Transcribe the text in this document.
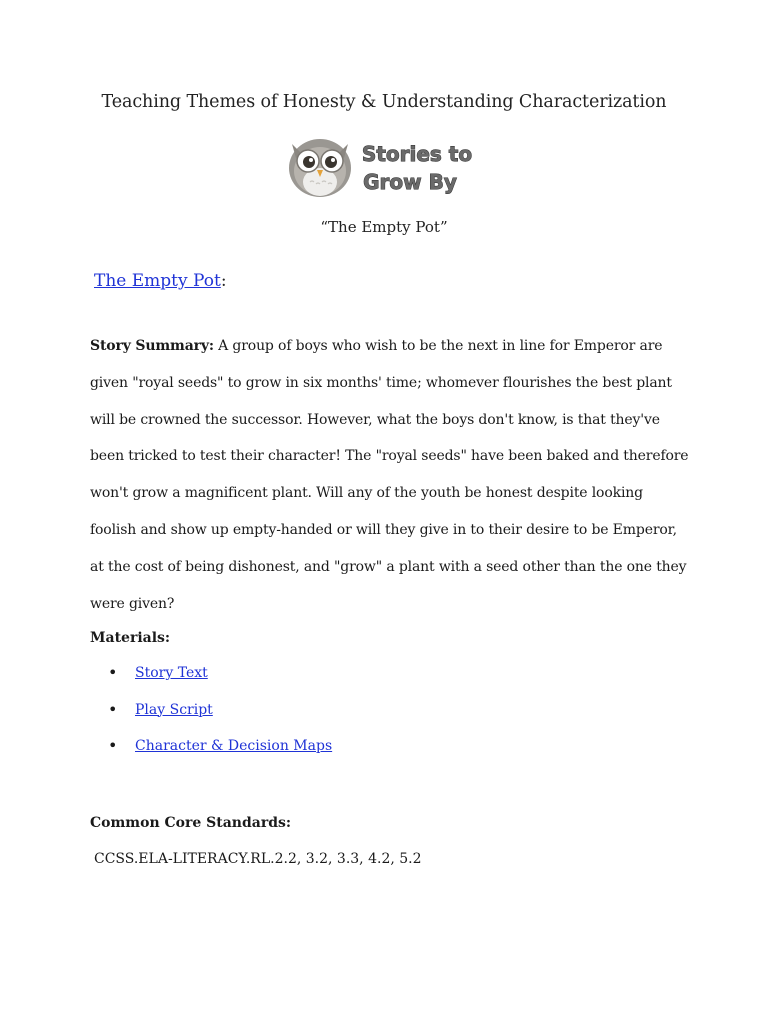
Teaching Themes of Honesty & Understanding Characterization
Stories to
Grow By
“The Empty Pot”
The Empty Pot:
Story Summary: A group of boys who wish to be the next in line for Emperor are given "royal seeds" to grow in six months' time; whomever flourishes the best plant will be crowned the successor. However, what the boys don't know, is that they've been tricked to test their character! The "royal seeds" have been baked and therefore won't grow a magnificent plant. Will any of the youth be honest despite looking foolish and show up empty-handed or will they give in to their desire to be Emperor, at the cost of being dishonest, and "grow" a plant with a seed other than the one they were given?
Materials:
• Story Text
• Play Script
• Character & Decision Maps
Common Core Standards:
CCSS.ELA-LITERACY.RL.2.2, 3.2, 3.3, 4.2, 5.2
